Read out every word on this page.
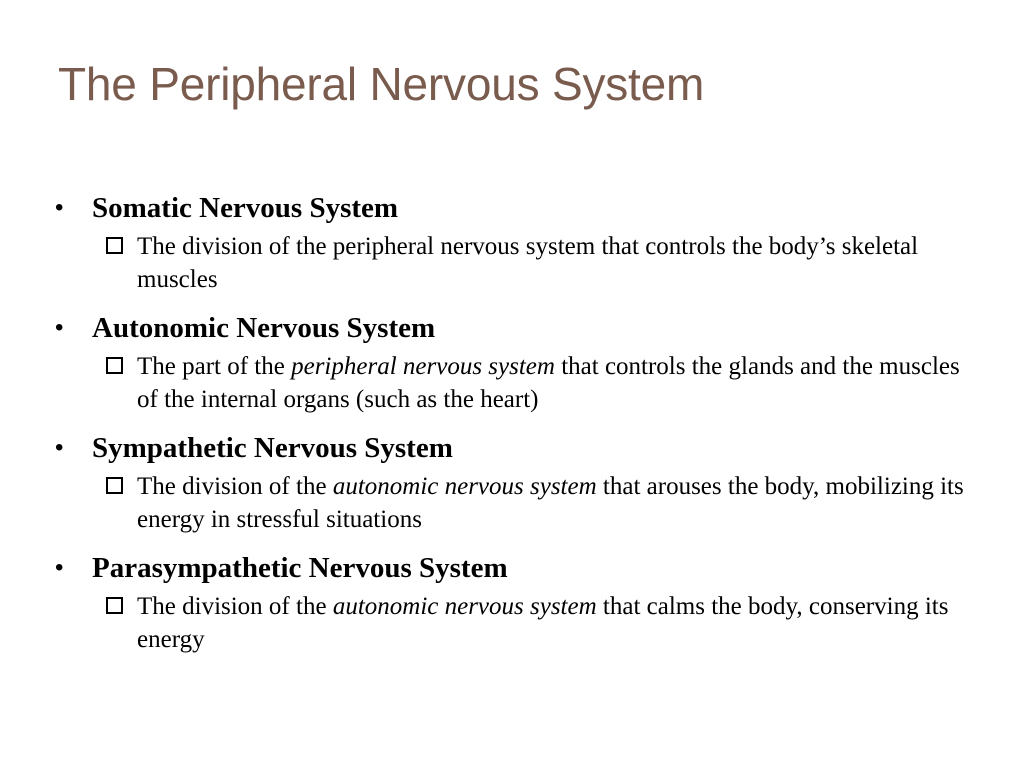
The Peripheral Nervous System
• Somatic Nervous System
The division of the peripheral nervous system that controls the body’s skeletal muscles
• Autonomic Nervous System
The part of the peripheral nervous system that controls the glands and the muscles of the internal organs (such as the heart)
• Sympathetic Nervous System
The division of the autonomic nervous system that arouses the body, mobilizing its energy in stressful situations
• Parasympathetic Nervous System
The division of the autonomic nervous system that calms the body, conserving its energy
